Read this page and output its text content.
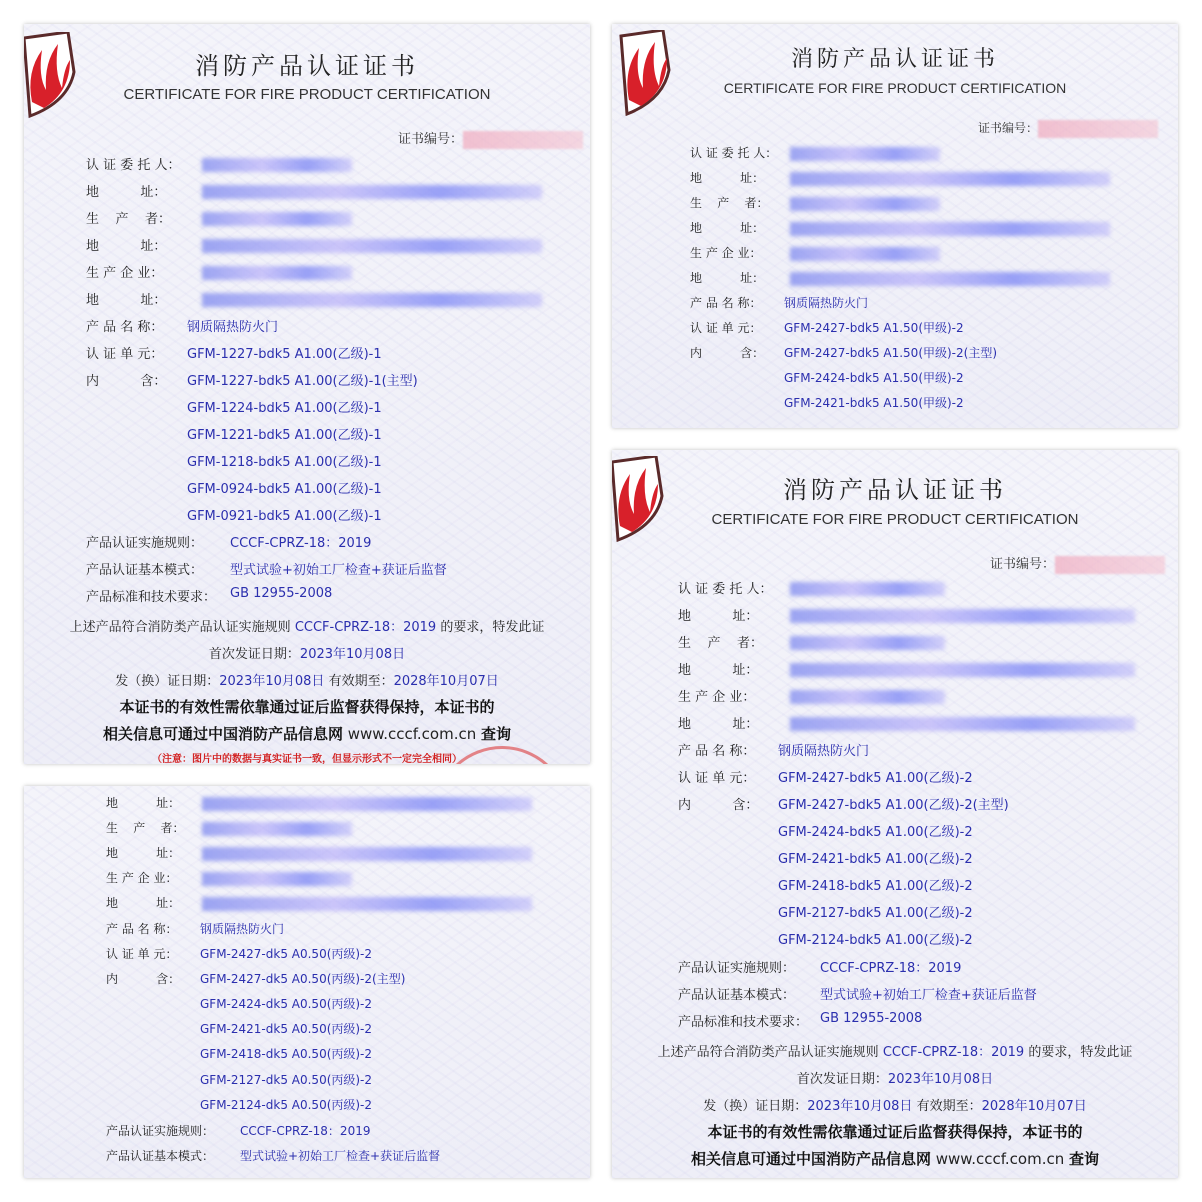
消防产品认证证书
CERTIFICATE FOR FIRE PRODUCT CERTIFICATION
证书编号：
认 证 委 托 人：
地          址：
生    产    者：
地          址：
生 产 企 业：
地          址：
产 品 名 称： 钢质隔热防火门
认 证 单 元： GFM-1227-bdk5 A1.00(乙级)-1
内          含： GFM-1227-bdk5 A1.00(乙级)-1(主型)
GFM-1224-bdk5 A1.00(乙级)-1
GFM-1221-bdk5 A1.00(乙级)-1
GFM-1218-bdk5 A1.00(乙级)-1
GFM-0924-bdk5 A1.00(乙级)-1
GFM-0921-bdk5 A1.00(乙级)-1
产品认证实施规则： CCCF-CPRZ-18：2019
产品认证基本模式： 型式试验+初始工厂检查+获证后监督
产品标准和技术要求： GB 12955-2008
上述产品符合消防类产品认证实施规则 CCCF-CPRZ-18：2019 的要求，特发此证
首次发证日期：2023年10月08日
发（换）证日期：2023年10月08日 有效期至：2028年10月07日
本证书的有效性需依靠通过证后监督获得保持，本证书的
相关信息可通过中国消防产品信息网 www.cccf.com.cn 查询
（注意：图片中的数据与真实证书一致，但显示形式不一定完全相同）
消防产品认证证书
CERTIFICATE FOR FIRE PRODUCT CERTIFICATION
证书编号：
认 证 委 托 人：
地          址：
生    产    者：
地          址：
生 产 企 业：
地          址：
产 品 名 称： 钢质隔热防火门
认 证 单 元： GFM-2427-bdk5 A1.50(甲级)-2
内          含： GFM-2427-bdk5 A1.50(甲级)-2(主型)
GFM-2424-bdk5 A1.50(甲级)-2
GFM-2421-bdk5 A1.50(甲级)-2
地          址：
生    产    者：
地          址：
生 产 企 业：
地          址：
产 品 名 称： 钢质隔热防火门
认 证 单 元： GFM-2427-dk5 A0.50(丙级)-2
内          含： GFM-2427-dk5 A0.50(丙级)-2(主型)
GFM-2424-dk5 A0.50(丙级)-2
GFM-2421-dk5 A0.50(丙级)-2
GFM-2418-dk5 A0.50(丙级)-2
GFM-2127-dk5 A0.50(丙级)-2
GFM-2124-dk5 A0.50(丙级)-2
产品认证实施规则： CCCF-CPRZ-18：2019
产品认证基本模式： 型式试验+初始工厂检查+获证后监督
消防产品认证证书
CERTIFICATE FOR FIRE PRODUCT CERTIFICATION
证书编号：
认 证 委 托 人：
地          址：
生    产    者：
地          址：
生 产 企 业：
地          址：
产 品 名 称： 钢质隔热防火门
认 证 单 元： GFM-2427-bdk5 A1.00(乙级)-2
内          含： GFM-2427-bdk5 A1.00(乙级)-2(主型)
GFM-2424-bdk5 A1.00(乙级)-2
GFM-2421-bdk5 A1.00(乙级)-2
GFM-2418-bdk5 A1.00(乙级)-2
GFM-2127-bdk5 A1.00(乙级)-2
GFM-2124-bdk5 A1.00(乙级)-2
产品认证实施规则： CCCF-CPRZ-18：2019
产品认证基本模式： 型式试验+初始工厂检查+获证后监督
产品标准和技术要求： GB 12955-2008
上述产品符合消防类产品认证实施规则 CCCF-CPRZ-18：2019 的要求，特发此证
首次发证日期：2023年10月08日
发（换）证日期：2023年10月08日 有效期至：2028年10月07日
本证书的有效性需依靠通过证后监督获得保持，本证书的
相关信息可通过中国消防产品信息网 www.cccf.com.cn 查询
